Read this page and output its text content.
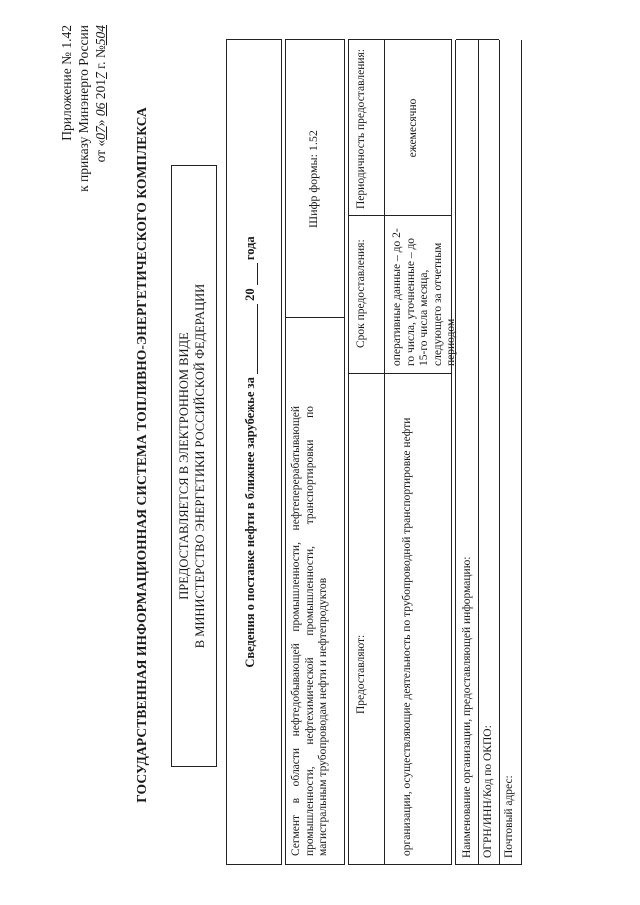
Приложение № 1.42 к приказу Минэнерго России от «07» 06 2017 г. №504
ГОСУДАРСТВЕННАЯ ИНФОРМАЦИОННАЯ СИСТЕМА ТОПЛИВНО-ЭНЕРГЕТИЧЕСКОГО КОМПЛЕКСА ПРЕДОСТАВЛЯЕТСЯ В ЭЛЕКТРОННОМ ВИДЕ В МИНИСТЕРСТВО ЭНЕРГЕТИКИ РОССИЙСКОЙ ФЕДЕРАЦИИ	Сведения о поставке нефти в ближнее зарубежье за  20  года
Сегмент в области нефтедобывающей промышленности, нефтеперерабатывающей промышленности, нефтехимической промышленности, транспортировки по магистральным трубопроводам нефти и нефтепродуктов
Шифр формы: 1.52
Предоставляют:
Срок предоставления:
Периодичность предоставления:
организации, осуществляющие деятельность по трубопроводной транспортировке нефти
оперативные данные – до 2-го числа, уточненные – до 15-го числа месяца, следующего за отчетным периодом
ежемесячно
Наименование организации, предоставляющей информацию: ОГРН/ИНН/Код по ОКПО: Почтовый адрес:
